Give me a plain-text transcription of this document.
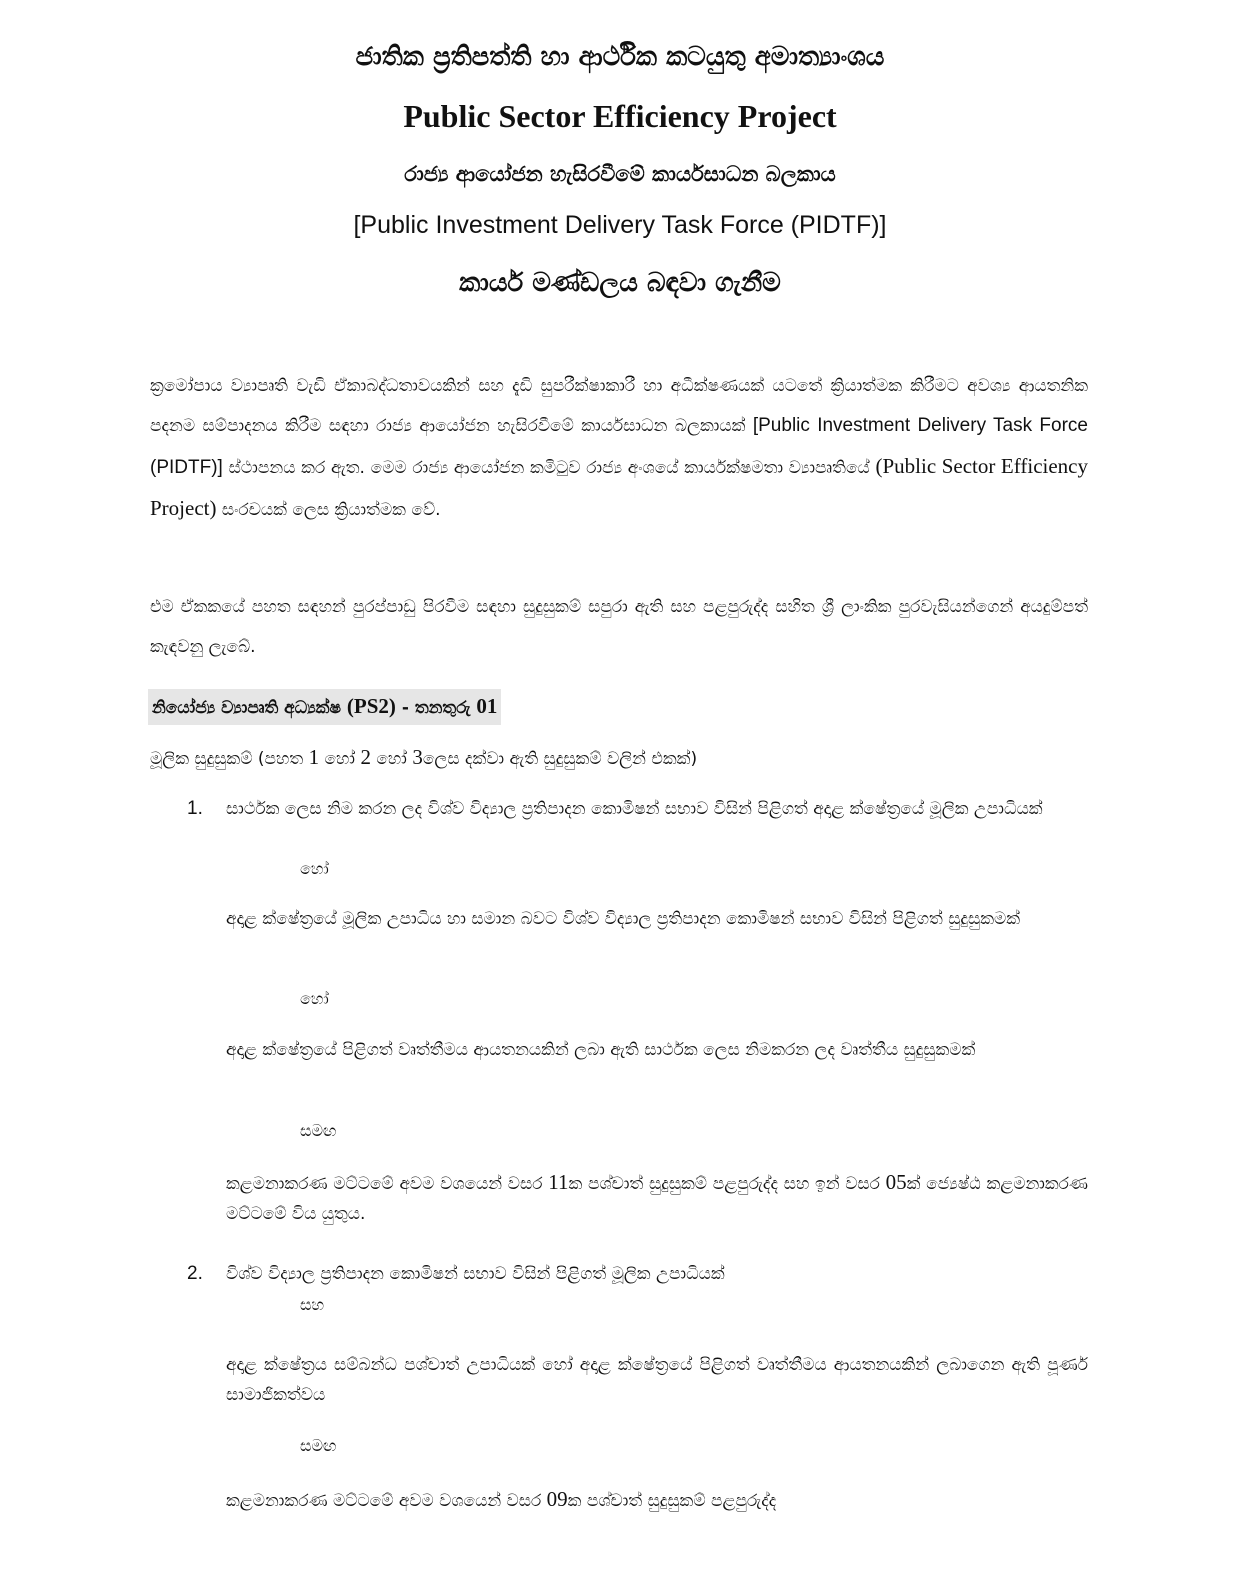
ජාතික ප්‍රතිපත්ති හා ආර්ථික කටයුතු අමාත්‍යාංශය
Public Sector Efficiency Project
රාජ්‍ය ආයෝජන හැසිරවීමේ කාර්යසාධන බලකාය
[Public Investment Delivery Task Force (PIDTF)]
කාර්ය මණ්ඩලය බඳවා ගැනීම
ක්‍රමෝපාය ව්‍යාපෘති වැඩි ඒකාබද්ධතාවයකින් සහ දැඩි සුපරීක්ෂාකාරී හා අධීක්ෂණයක් යටතේ ක්‍රියාත්මක කිරීමට අවශ්‍ය ආයතනික පදනම සම්පාදනය කිරීම සඳහා රාජ්‍ය ආයෝජන හැසිරවීමේ කාර්යසාධන බලකායක් [Public Investment Delivery Task Force (PIDTF)] ස්ථාපනය කර ඇත. මෙම රාජ්‍ය ආයෝජන කමිටුව රාජ්‍ය අංශයේ කාර්යක්ෂමතා ව්‍යාපෘතියේ (Public Sector Efficiency Project) සංරචයක් ලෙස ක්‍රියාත්මක වේ.
එම ඒකකයේ පහත සඳහන් පුරප්පාඩු පිරවීම සඳහා සුදුසුකම් සපුරා ඇති සහ පළපුරුද්ද සහිත ශ්‍රී ලාංකික පුරවැසියන්ගෙන් අයදුම්පත් කැඳවනු ලැබේ.
නියෝජ්‍ය ව්‍යාපෘති අධ්‍යක්ෂ (PS2) - තනතුරු 01
මූලික සුදුසුකම් (පහත 1 හෝ 2 හෝ 3ලෙස දක්වා ඇති සුදුසුකම් වලින් එකක්)
1. සාර්ථක ලෙස නිම කරන ලද විශ්ව විද්‍යාල ප්‍රතිපාදන කොමිෂන් සභාව විසින් පිළිගත් අදාළ ක්ෂේත්‍රයේ මූලික උපාධියක්
හෝ
අදාළ ක්ෂේත්‍රයේ මූලික උපාධිය හා සමාන බවට විශ්ව විද්‍යාල ප්‍රතිපාදන කොමිෂන් සභාව විසින් පිළිගත් සුදුසුකමක්
හෝ
අදාළ ක්ෂේත්‍රයේ පිළිගත් වෘත්තීමය ආයතනයකින් ලබා ඇති සාර්ථක ලෙස නිමකරන ලද වෘත්තීය සුදුසුකමක්
සමඟ
කළමනාකරණ මට්ටමේ අවම වශයෙන් වසර 11ක පශ්චාත් සුදුසුකම් පළපුරුද්ද සහ ඉන් වසර 05ක් ජ්‍යෙෂ්ඨ කළමනාකරණ මට්ටමේ විය යුතුය.
2. විශ්ව විද්‍යාල ප්‍රතිපාදන කොමිෂන් සභාව විසින් පිළිගත් මූලික උපාධියක්
සහ
අදාළ ක්ෂේත්‍රය සම්බන්ධ පශ්චාත් උපාධියක් හෝ අදාළ ක්ෂේත්‍රයේ පිළිගත් වෘත්තීමය ආයතනයකින් ලබාගෙන ඇති පූර්ණ සාමාජිකත්වය
සමඟ
කළමනාකරණ මට්ටමේ අවම වශයෙන් වසර 09ක පශ්චාත් සුදුසුකම් පළපුරුද්ද
